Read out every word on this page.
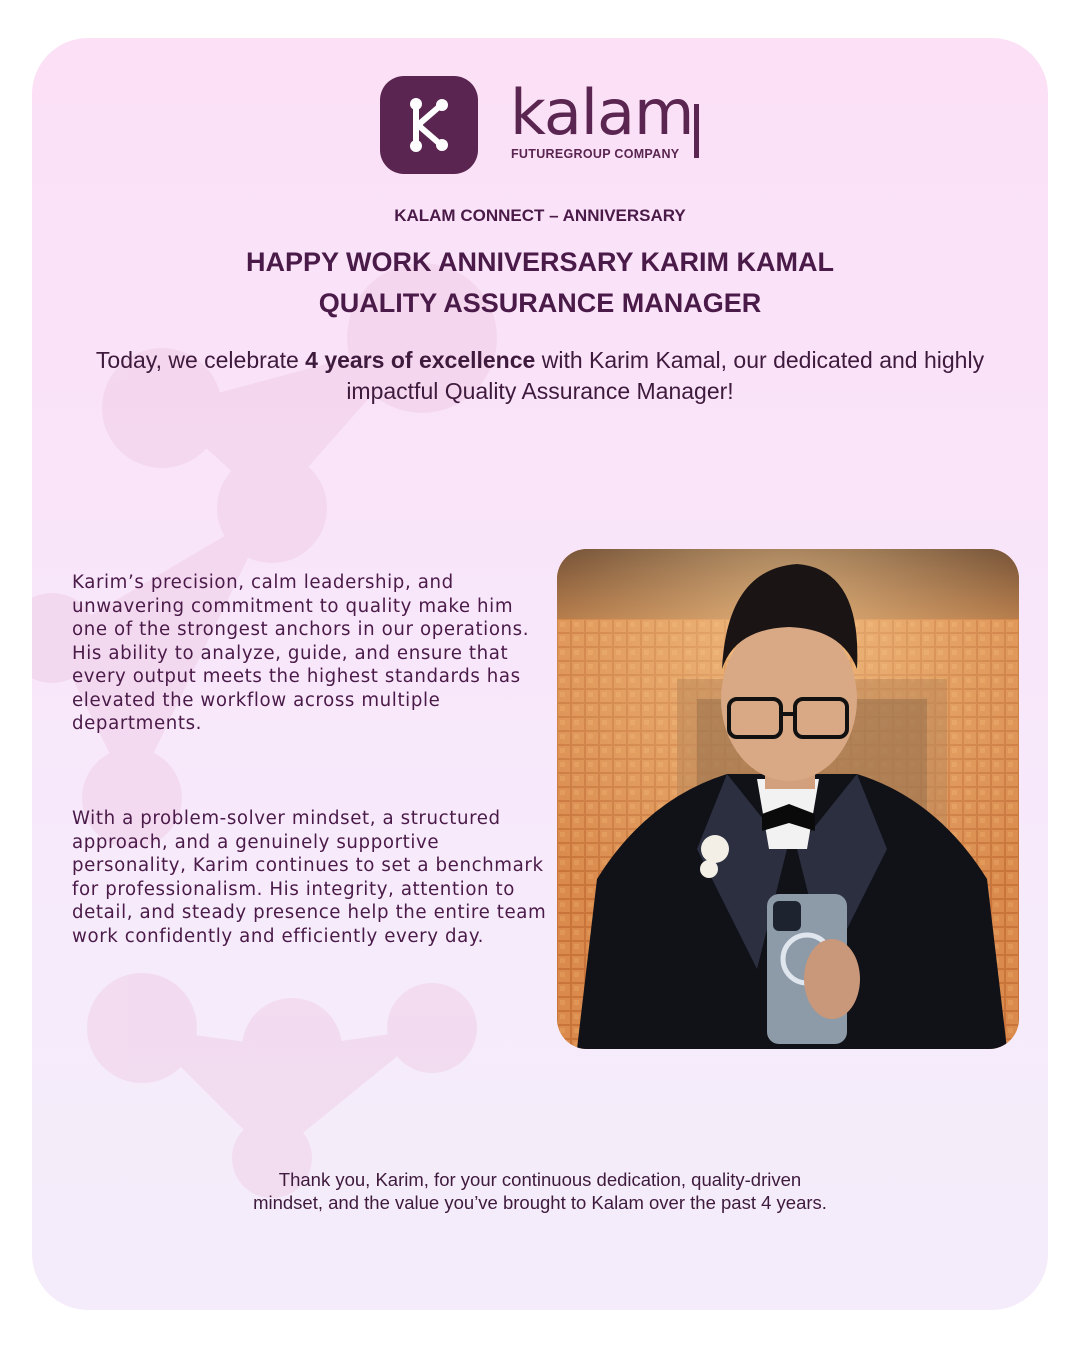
kalam
FUTUREGROUP COMPANY
KALAM CONNECT – ANNIVERSARY
HAPPY WORK ANNIVERSARY KARIM KAMAL
QUALITY ASSURANCE MANAGER
Today, we celebrate 4 years of excellence with Karim Kamal, our dedicated and highly impactful Quality Assurance Manager!
Karim’s precision, calm leadership, and unwavering commitment to quality make him one of the strongest anchors in our operations. His ability to analyze, guide, and ensure that every output meets the highest standards has elevated the workflow across multiple departments.
With a problem-solver mindset, a structured approach, and a genuinely supportive personality, Karim continues to set a benchmark for professionalism. His integrity, attention to detail, and steady presence help the entire team work confidently and efficiently every day.
Thank you, Karim, for your continuous dedication, quality-driven
mindset, and the value you’ve brought to Kalam over the past 4 years.
